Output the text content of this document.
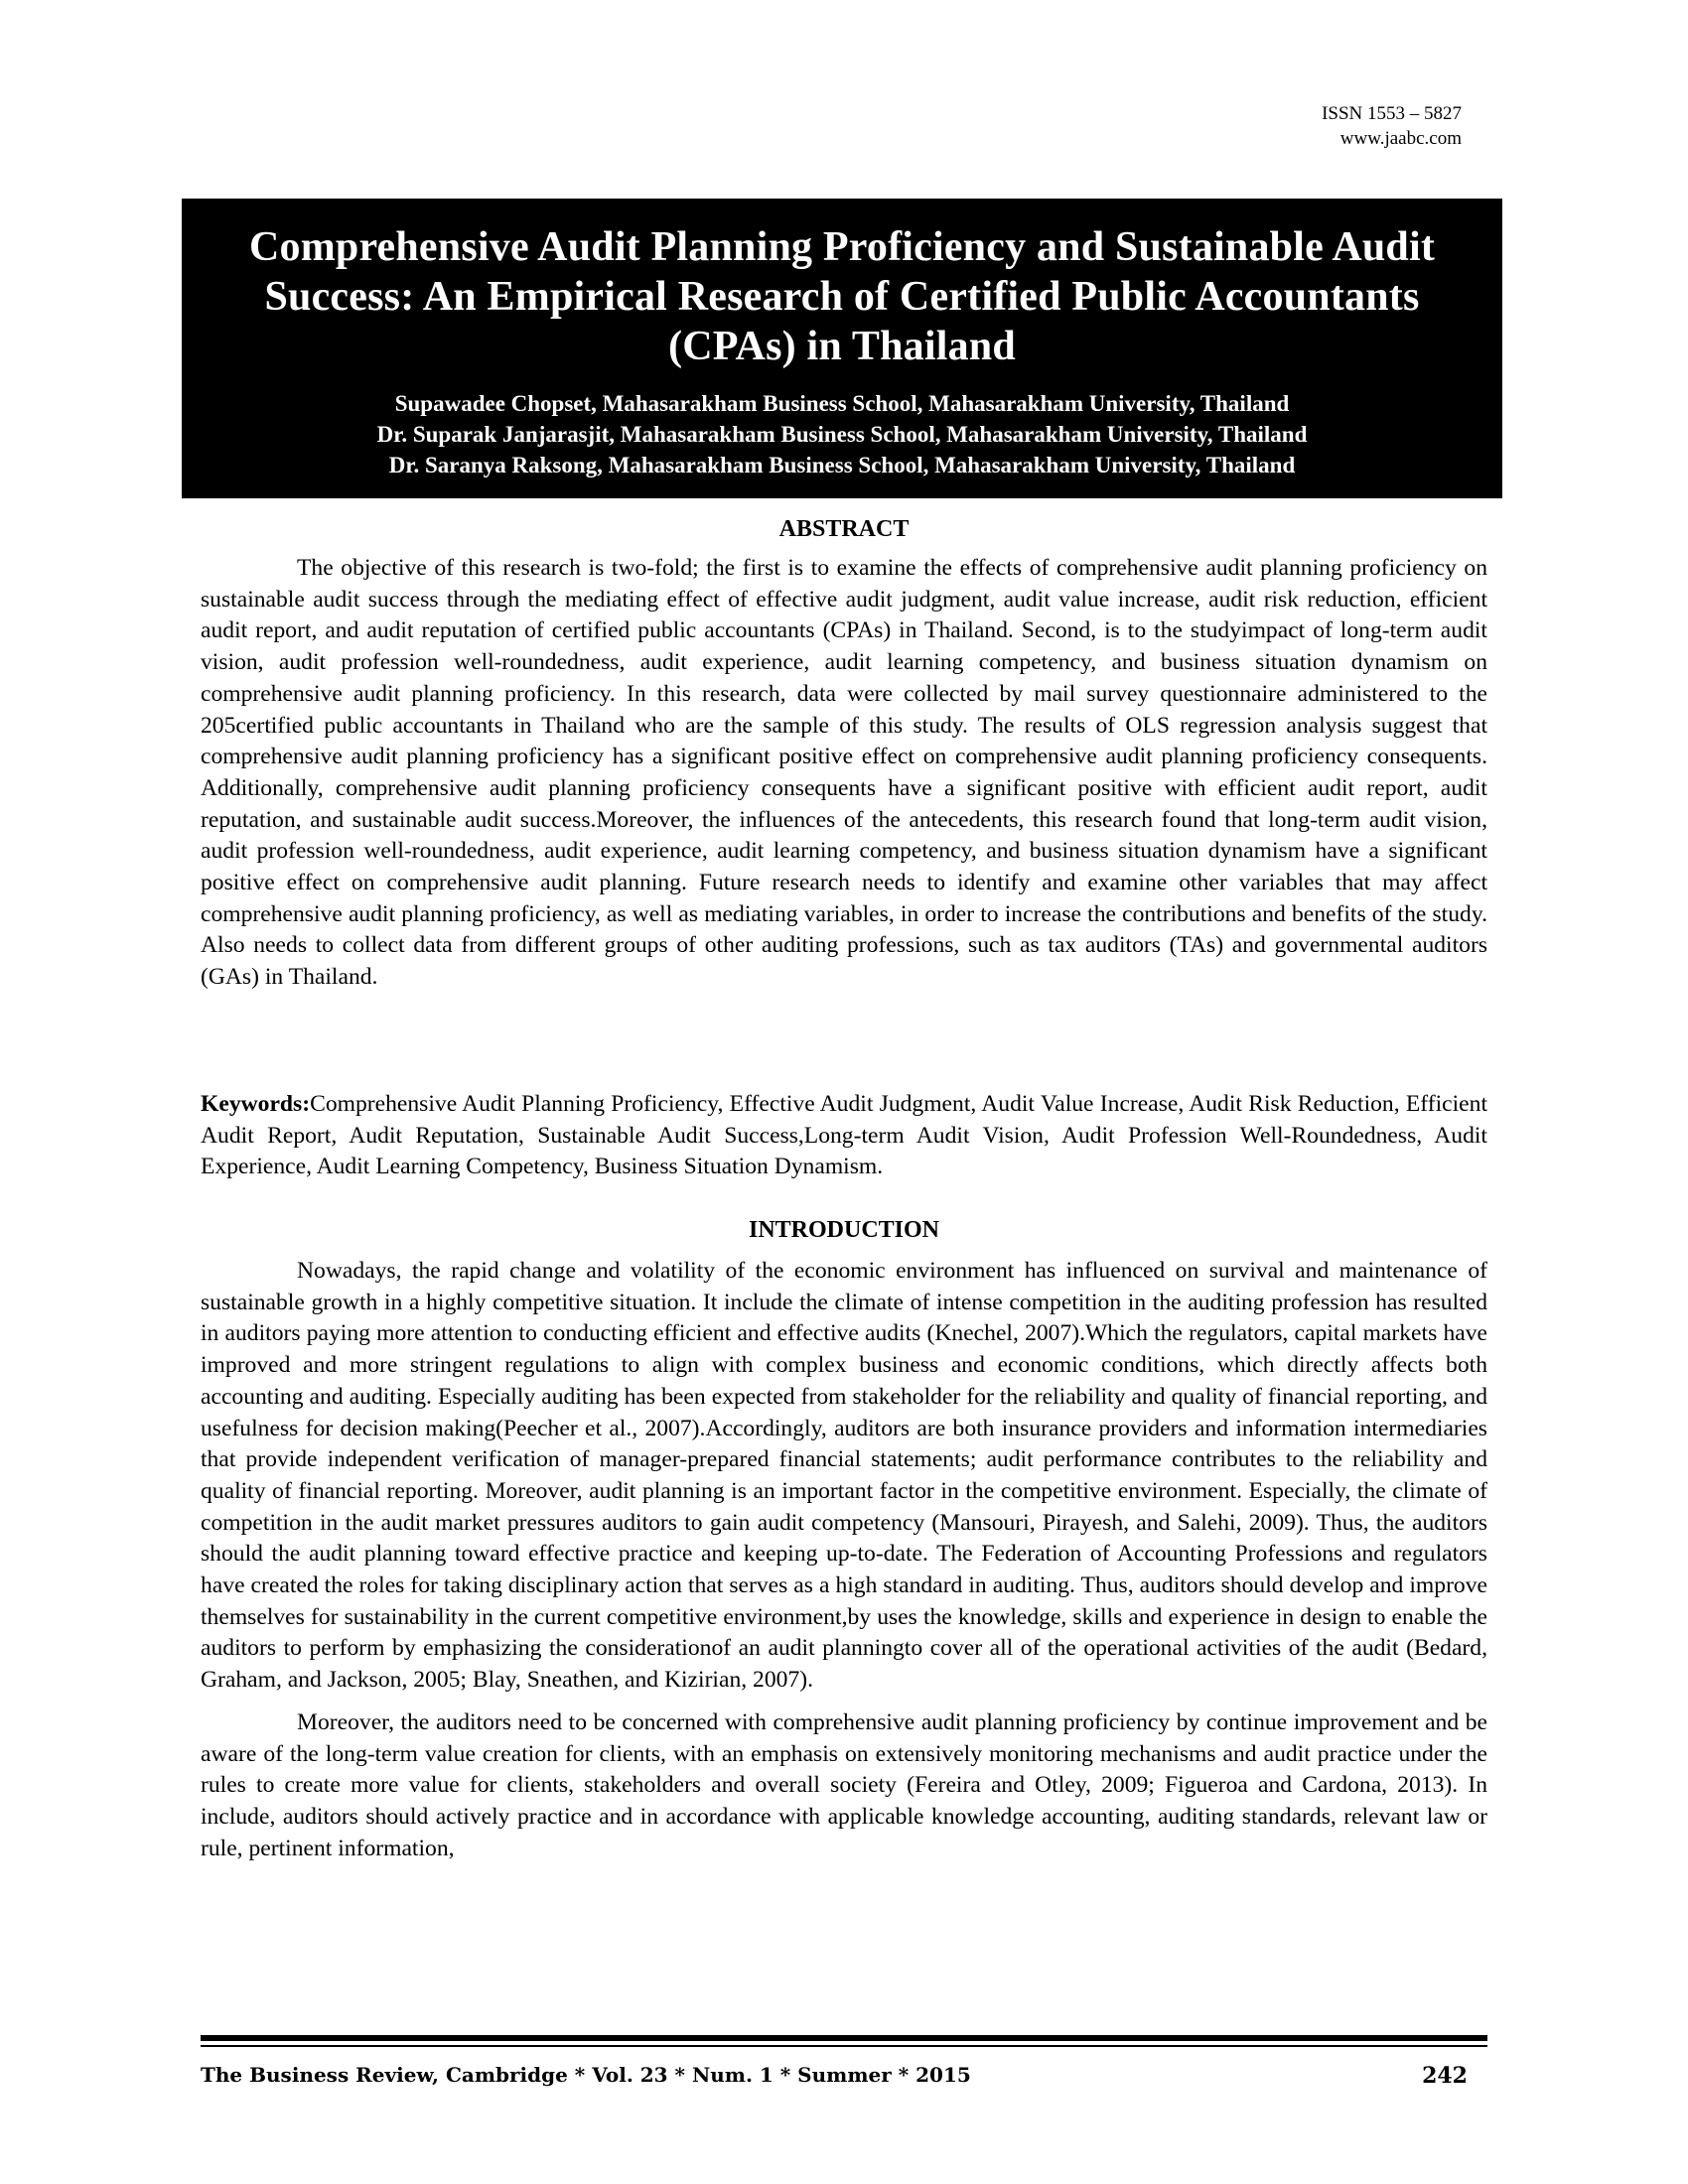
ISSN 1553 – 5827
www.jaabc.com
Comprehensive Audit Planning Proficiency and Sustainable Audit
Success: An Empirical Research of Certified Public Accountants
(CPAs) in Thailand
Supawadee Chopset, Mahasarakham Business School, Mahasarakham University, Thailand
Dr. Suparak Janjarasjit, Mahasarakham Business School, Mahasarakham University, Thailand
Dr. Saranya Raksong, Mahasarakham Business School, Mahasarakham University, Thailand
ABSTRACT

The objective of this research is two-fold; the first is to examine the effects of comprehensive audit planning proficiency on sustainable audit success through the mediating effect of effective audit judgment, audit value increase, audit risk reduction, efficient audit report, and audit reputation of certified public accountants (CPAs) in Thailand. Second, is to the studyimpact of long-term audit vision, audit profession well-roundedness, audit experience, audit learning competency, and business situation dynamism on comprehensive audit planning proficiency. In this research, data were collected by mail survey questionnaire administered to the 205certified public accountants in Thailand who are the sample of this study. The results of OLS regression analysis suggest that comprehensive audit planning proficiency has a significant positive effect on comprehensive audit planning proficiency consequents. Additionally, comprehensive audit planning proficiency consequents have a significant positive with efficient audit report, audit reputation, and sustainable audit success.Moreover, the influences of the antecedents, this research found that long-term audit vision, audit profession well-roundedness, audit experience, audit learning competency, and business situation dynamism have a significant positive effect on comprehensive audit planning. Future research needs to identify and examine other variables that may affect comprehensive audit planning proficiency, as well as mediating variables, in order to increase the contributions and benefits of the study. Also needs to collect data from different groups of other auditing professions, such as tax auditors (TAs) and governmental auditors (GAs) in Thailand.

Keywords:Comprehensive Audit Planning Proficiency, Effective Audit Judgment, Audit Value Increase, Audit Risk Reduction, Efficient Audit Report, Audit Reputation, Sustainable Audit Success,Long-term Audit Vision, Audit Profession Well-Roundedness, Audit Experience, Audit Learning Competency, Business Situation Dynamism.

INTRODUCTION

Nowadays, the rapid change and volatility of the economic environment has influenced on survival and maintenance of sustainable growth in a highly competitive situation. It include the climate of intense competition in the auditing profession has resulted in auditors paying more attention to conducting efficient and effective audits (Knechel, 2007).Which the regulators, capital markets have improved and more stringent regulations to align with complex business and economic conditions, which directly affects both accounting and auditing. Especially auditing has been expected from stakeholder for the reliability and quality of financial reporting, and usefulness for decision making(Peecher et al., 2007).Accordingly, auditors are both insurance providers and information intermediaries that provide independent verification of manager-prepared financial statements; audit performance contributes to the reliability and quality of financial reporting. Moreover, audit planning is an important factor in the competitive environment. Especially, the climate of competition in the audit market pressures auditors to gain audit competency (Mansouri, Pirayesh, and Salehi, 2009). Thus, the auditors should the audit planning toward effective practice and keeping up-to-date. The Federation of Accounting Professions and regulators have created the roles for taking disciplinary action that serves as a high standard in auditing. Thus, auditors should develop and improve themselves for sustainability in the current competitive environment,by uses the knowledge, skills and experience in design to enable the auditors to perform by emphasizing the considerationof an audit planningto cover all of the operational activities of the audit (Bedard, Graham, and Jackson, 2005; Blay, Sneathen, and Kizirian, 2007).

Moreover, the auditors need to be concerned with comprehensive audit planning proficiency by continue improvement and be aware of the long-term value creation for clients, with an emphasis on extensively monitoring mechanisms and audit practice under the rules to create more value for clients, stakeholders and overall society (Fereira and Otley, 2009; Figueroa and Cardona, 2013). In include, auditors should actively practice and in accordance with applicable knowledge accounting, auditing standards, relevant law or rule, pertinent information,

The Business Review, Cambridge * Vol. 23 * Num. 1 * Summer * 2015	242
